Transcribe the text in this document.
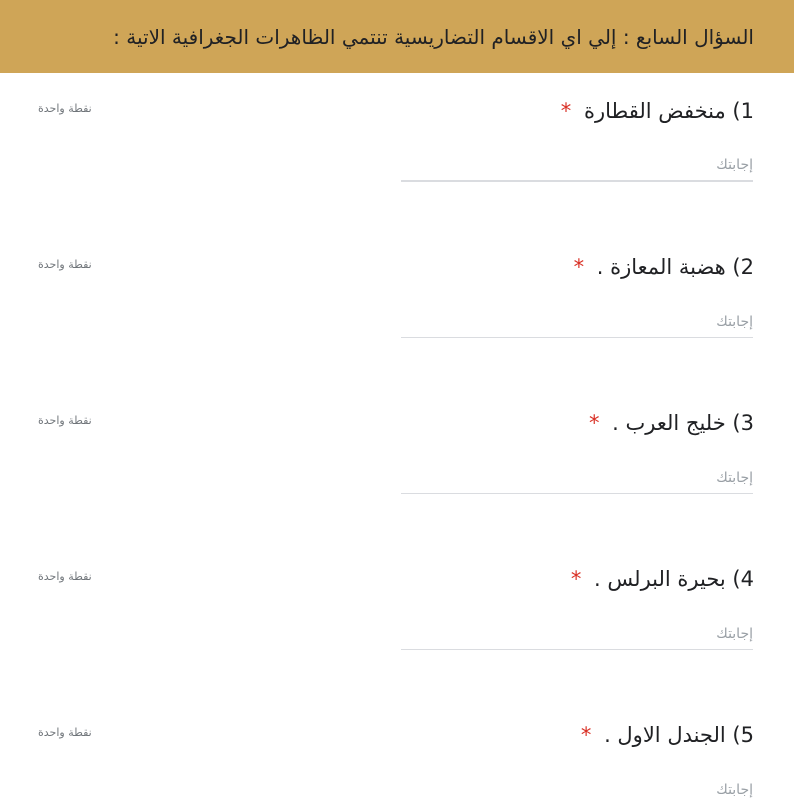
السؤال السابع : إلي اي الاقسام التضاريسية تنتمي الظاهرات الجغرافية الاتية :
1) منخفض القطارة *
نقطة واحدة
إجابتك
2) هضبة المعازة . *
نقطة واحدة
إجابتك
3) خليج العرب . *
نقطة واحدة
إجابتك
4) بحيرة البرلس . *
نقطة واحدة
إجابتك
5) الجندل الاول . *
نقطة واحدة
إجابتك
